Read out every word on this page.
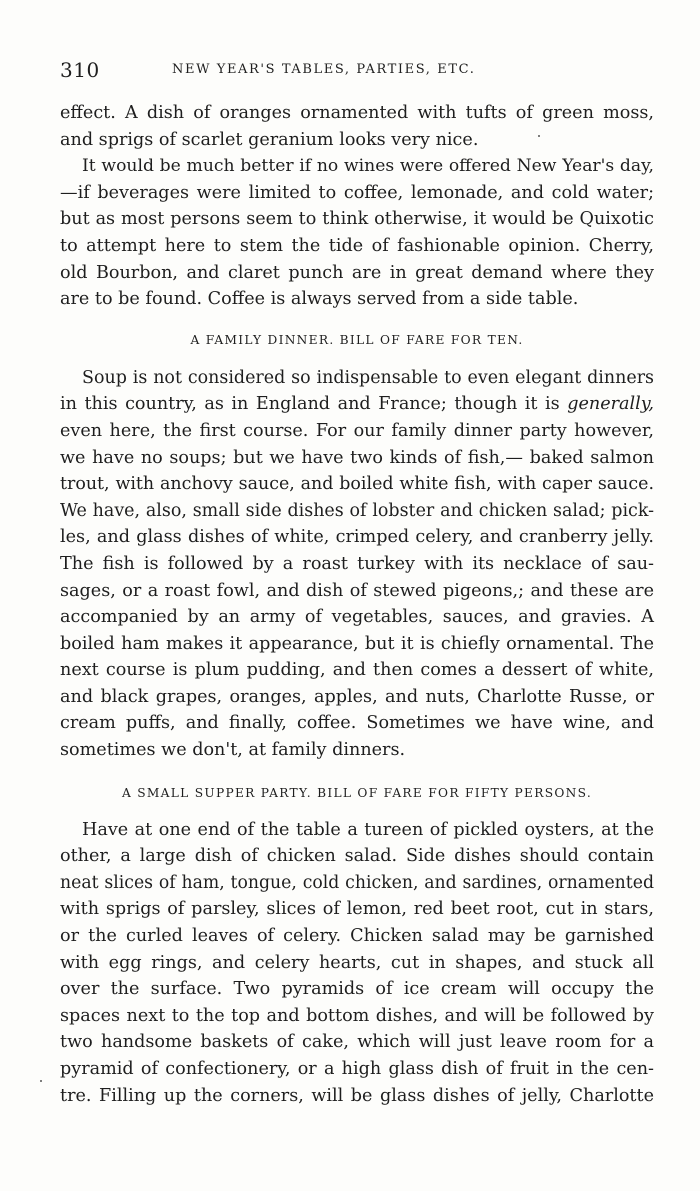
310	NEW YEAR'S TABLES, PARTIES, ETC.

effect. A dish of oranges ornamented with tufts of green moss,
and sprigs of scarlet geranium looks very nice.

It would be much better if no wines were offered New Year's day,
—if beverages were limited to coffee, lemonade, and cold water;
but as most persons seem to think otherwise, it would be Quixotic
to attempt here to stem the tide of fashionable opinion. Cherry,
old Bourbon, and claret punch are in great demand where they
are to be found. Coffee is always served from a side table.

A FAMILY DINNER. BILL OF FARE FOR TEN.

Soup is not considered so indispensable to even elegant dinners
in this country, as in England and France; though it is generally,
even here, the first course. For our family dinner party however,
we have no soups; but we have two kinds of fish,— baked salmon
trout, with anchovy sauce, and boiled white fish, with caper sauce.
We have, also, small side dishes of lobster and chicken salad; pick-
les, and glass dishes of white, crimped celery, and cranberry jelly.
The fish is followed by a roast turkey with its necklace of sau-
sages, or a roast fowl, and dish of stewed pigeons,; and these are
accompanied by an army of vegetables, sauces, and gravies. A
boiled ham makes it appearance, but it is chiefly ornamental. The
next course is plum pudding, and then comes a dessert of white,
and black grapes, oranges, apples, and nuts, Charlotte Russe, or
cream puffs, and finally, coffee. Sometimes we have wine, and
sometimes we don't, at family dinners.

A SMALL SUPPER PARTY. BILL OF FARE FOR FIFTY PERSONS.

Have at one end of the table a tureen of pickled oysters, at the
other, a large dish of chicken salad. Side dishes should contain
neat slices of ham, tongue, cold chicken, and sardines, ornamented
with sprigs of parsley, slices of lemon, red beet root, cut in stars,
or the curled leaves of celery. Chicken salad may be garnished
with egg rings, and celery hearts, cut in shapes, and stuck all
over the surface. Two pyramids of ice cream will occupy the
spaces next to the top and bottom dishes, and will be followed by
two handsome baskets of cake, which will just leave room for a
pyramid of confectionery, or a high glass dish of fruit in the cen-
tre. Filling up the corners, will be glass dishes of jelly, Charlotte
